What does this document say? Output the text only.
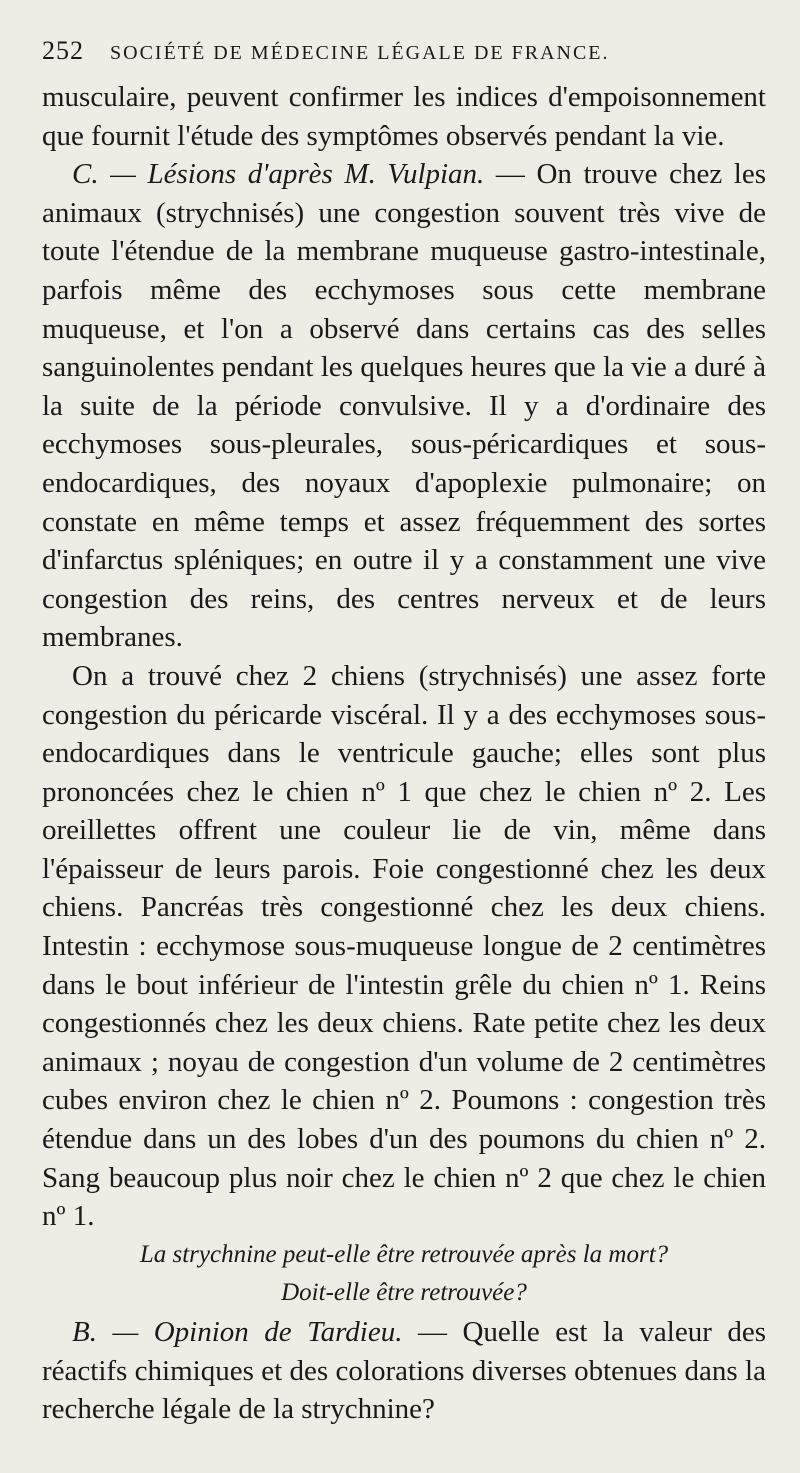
252 SOCIÉTÉ DE MÉDECINE LÉGALE DE FRANCE.

musculaire, peuvent confirmer les indices d'empoisonnement que fournit l'étude des symptômes observés pendant la vie.

C. — Lésions d'après M. Vulpian. — On trouve chez les animaux (strychnisés) une congestion souvent très vive de toute l'étendue de la membrane muqueuse gastro-intestinale, parfois même des ecchymoses sous cette membrane muqueuse, et l'on a observé dans certains cas des selles sanguinolentes pendant les quelques heures que la vie a duré à la suite de la période convulsive. Il y a d'ordinaire des ecchymoses sous-pleurales, sous-péricardiques et sous-endocardiques, des noyaux d'apoplexie pulmonaire; on constate en même temps et assez fréquemment des sortes d'infarctus spléniques; en outre il y a constamment une vive congestion des reins, des centres nerveux et de leurs membranes.

On a trouvé chez 2 chiens (strychnisés) une assez forte congestion du péricarde viscéral. Il y a des ecchymoses sous-endocardiques dans le ventricule gauche; elles sont plus prononcées chez le chien nº 1 que chez le chien nº 2. Les oreillettes offrent une couleur lie de vin, même dans l'épaisseur de leurs parois. Foie congestionné chez les deux chiens. Pancréas très congestionné chez les deux chiens. Intestin : ecchymose sous-muqueuse longue de 2 centimètres dans le bout inférieur de l'intestin grêle du chien nº 1. Reins congestionnés chez les deux chiens. Rate petite chez les deux animaux ; noyau de congestion d'un volume de 2 centimètres cubes environ chez le chien nº 2. Poumons : congestion très étendue dans un des lobes d'un des poumons du chien nº 2. Sang beaucoup plus noir chez le chien nº 2 que chez le chien nº 1.

La strychnine peut-elle être retrouvée après la mort?

Doit-elle être retrouvée?

B. — Opinion de Tardieu. — Quelle est la valeur des réactifs chimiques et des colorations diverses obtenues dans la recherche légale de la strychnine?
